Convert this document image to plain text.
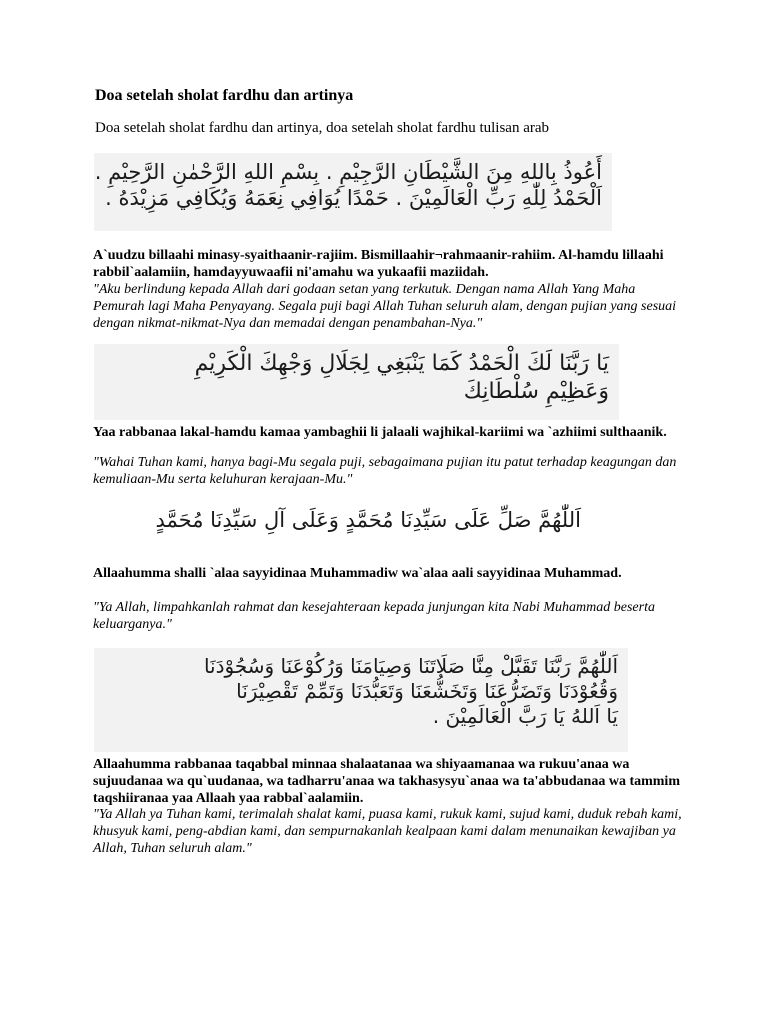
Doa setelah sholat fardhu dan artinya

Doa setelah sholat fardhu dan artinya, doa setelah sholat fardhu tulisan arab

أَعُوذُ بِاللهِ مِنَ الشَّيْطَانِ الرَّجِيْمِ . بِسْمِ اللهِ الرَّحْمٰنِ الرَّحِيْمِ .
اَلْحَمْدُ لِلّٰهِ رَبِّ الْعَالَمِيْنَ . حَمْدًا يُوَافِي نِعَمَهُ وَيُكَافِي مَزِيْدَهُ .

A`uudzu billaahi minasy-syaithaanir-rajiim. Bismillaahir¬rahmaanir-rahiim. Al-hamdu lillaahi rabbil`aalamiin, hamdayyuwaafii ni'amahu wa yukaafii maziidah.

"Aku berlindung kepada Allah dari godaan setan yang terkutuk. Dengan nama Allah Yang Maha Pemurah lagi Maha Penyayang. Segala puji bagi Allah Tuhan seluruh alam, dengan pujian yang sesuai dengan nikmat-nikmat-Nya dan memadai dengan penambahan-Nya."

يَا رَبَّنَا لَكَ الْحَمْدُ كَمَا يَنْبَغِي لِجَلَالِ وَجْهِكَ الْكَرِيْمِ
وَعَظِيْمِ سُلْطَانِكَ

Yaa rabbanaa lakal-hamdu kamaa yambaghii li jalaali wajhikal-kariimi wa `azhiimi sulthaanik.

"Wahai Tuhan kami, hanya bagi-Mu segala puji, sebagaimana pujian itu patut terhadap keagungan dan kemuliaan-Mu serta keluhuran kerajaan-Mu."

اَللّٰهُمَّ صَلِّ عَلَى سَيِّدِنَا مُحَمَّدٍ وَعَلَى آلِ سَيِّدِنَا مُحَمَّدٍ

Allaahumma shalli `alaa sayyidinaa Muhammadiw wa`alaa aali sayyidinaa Muhammad.

"Ya Allah, limpahkanlah rahmat dan kesejahteraan kepada junjungan kita Nabi Muhammad beserta keluarganya."

اَللّٰهُمَّ رَبَّنَا تَقَبَّلْ مِنَّا صَلَاتَنَا وَصِيَامَنَا وَرُكُوْعَنَا وَسُجُوْدَنَا
وَقُعُوْدَنَا وَتَضَرُّعَنَا وَتَخَشُّعَنَا وَتَعَبُّدَنَا وَتَمِّمْ تَقْصِيْرَنَا
يَا اَللهُ يَا رَبَّ الْعَالَمِيْنَ .

Allaahumma rabbanaa taqabbal minnaa shalaatanaa wa shiyaamanaa wa rukuu'anaa wa sujuudanaa wa qu`uudanaa, wa tadharru'anaa wa takhasysyu`anaa wa ta'abbudanaa wa tammim taqshiiranaa yaa Allaah yaa rabbal`aalamiin.

"Ya Allah ya Tuhan kami, terimalah shalat kami, puasa kami, rukuk kami, sujud kami, duduk rebah kami, khusyuk kami, peng-abdian kami, dan sempurnakanlah kealpaan kami dalam menunaikan kewajiban ya Allah, Tuhan seluruh alam."
